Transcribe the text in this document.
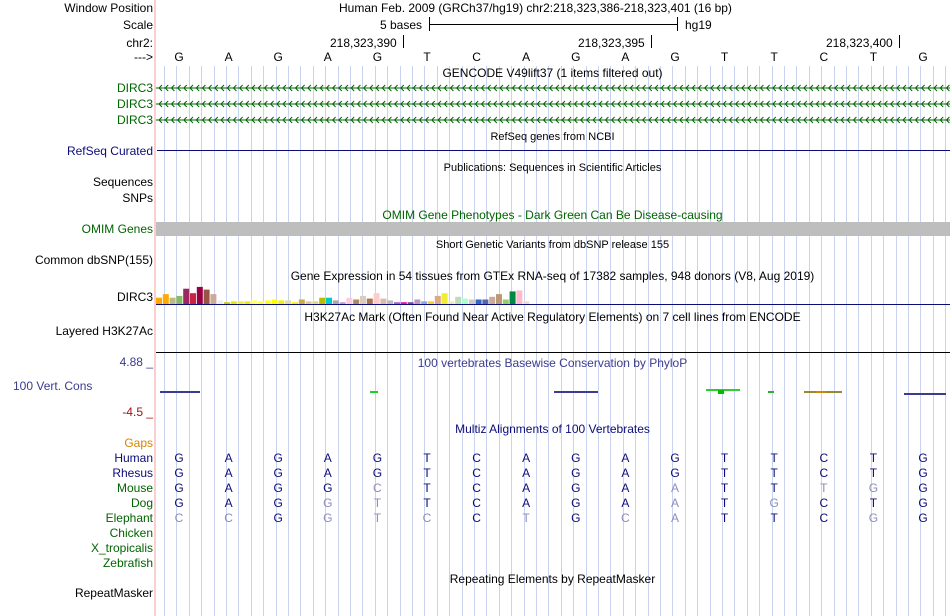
Window Position	Human Feb. 2009 (GRCh37/hg19) chr2:218,323,386-218,323,401 (16 bp)
Scale	5 bases	hg19
chr2:	218,323,390	218,323,395	218,323,400
---> G	A	G	A	G	T	C	A	G	A	G	T	T	C	T	G
GENCODE V49lift37 (1 items filtered out)
DIRC3
DIRC3
DIRC3
RefSeq genes from NCBI
RefSeq Curated
Publications: Sequences in Scientific Articles
Sequences
SNPs
OMIM Gene Phenotypes - Dark Green Can Be Disease-causing
OMIM Genes
Short Genetic Variants from dbSNP release 155
Common dbSNP(155)
Gene Expression in 54 tissues from GTEx RNA-seq of 17382 samples, 948 donors (V8, Aug 2019)
DIRC3
H3K27Ac Mark (Often Found Near Active Regulatory Elements) on 7 cell lines from ENCODE
Layered H3K27Ac
100 vertebrates Basewise Conservation by PhyloP
4.88 _
100 Vert. Cons
-4.5 _
Multiz Alignments of 100 Vertebrates
Gaps
Human G	A	G	A	G	T	C	A	G	A	G	T	T	C	T	G
Rhesus G	A	G	A	G	T	C	A	G	A	G	T	T	C	T	G
Mouse G	A	G	G	C	T	C	A	G	A	A	T	T	T	G	G
Dog G	A	G	G	T	T	C	A	G	A	A	T	G	C	T	G
Elephant	C	C	G	G	T	C	C	T	G	C	A	T	T	C	G	G
Chicken
X_tropicalis
Zebrafish
Repeating Elements by RepeatMasker
RepeatMasker
